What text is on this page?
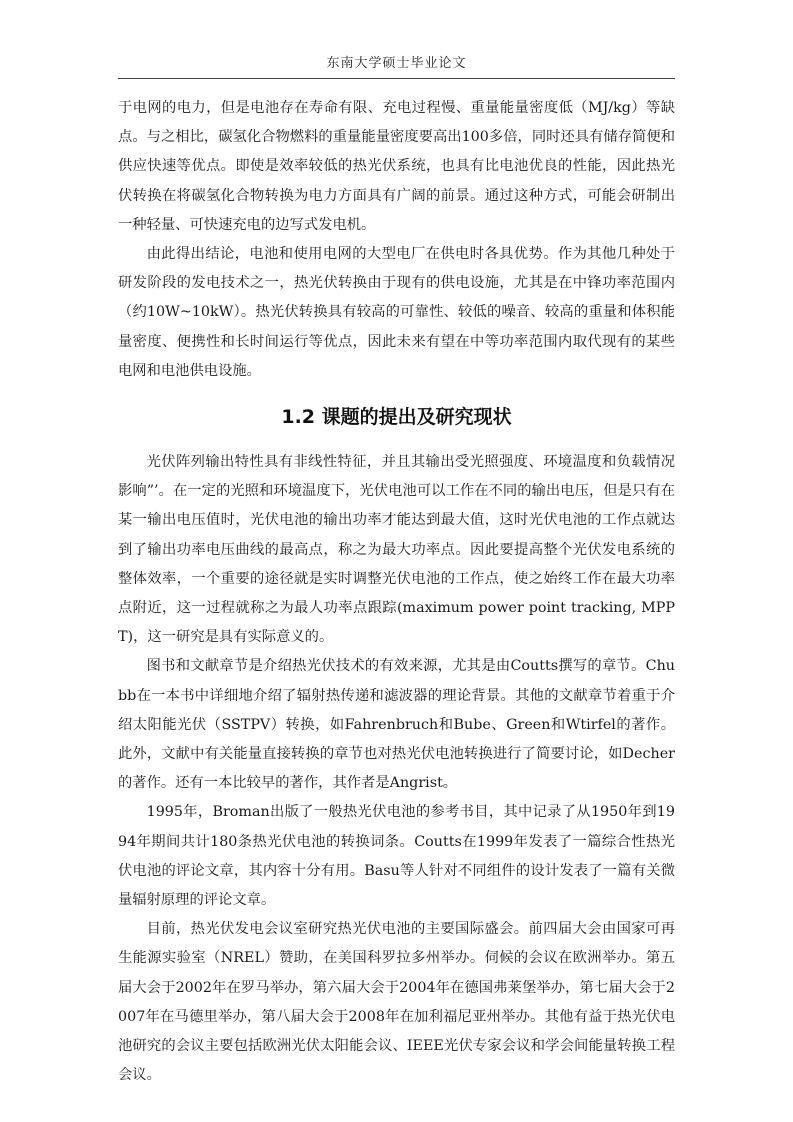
东南大学硕士毕业论文

于电网的电力，但是电池存在寿命有限、充电过程慢、重量能量密度低（MJ/kg）等缺点。与之相比，碳氢化合物燃料的重量能量密度要高出100多倍，同时还具有储存简便和供应快速等优点。即使是效率较低的热光伏系统，也具有比电池优良的性能，因此热光伏转换在将碳氢化合物转换为电力方面具有广阔的前景。通过这种方式，可能会研制出一种轻量、可快速充电的边写式发电机。

由此得出结论，电池和使用电网的大型电厂在供电时各具优势。作为其他几种处于研发阶段的发电技术之一，热光伏转换由于现有的供电设施，尤其是在中锋功率范围内（约10W~10kW）。热光伏转换具有较高的可靠性、较低的噪音、较高的重量和体积能量密度、便携性和长时间运行等优点，因此未来有望在中等功率范围内取代现有的某些电网和电池供电设施。

1.2 课题的提出及研究现状

光伏阵列输出特性具有非线性特征，并且其输出受光照强度、环境温度和负载情况影响”’。在一定的光照和环境温度下，光伏电池可以工作在不同的输出电压，但是只有在某一输出电压值时，光伏电池的输出功率才能达到最大值，这时光伏电池的工作点就达到了输出功率电压曲线的最高点，称之为最大功率点。因此要提高整个光伏发电系统的整体效率，一个重要的途径就是实时调整光伏电池的工作点，使之始终工作在最大功率点附近，这一过程就称之为最人功率点跟踪(maximum power point tracking, MPPT)，这一研究是具有实际意义的。

图书和文献章节是介绍热光伏技术的有效来源，尤其是由Coutts撰写的章节。Chubb在一本书中详细地介绍了辐射热传递和滤波器的理论背景。其他的文献章节着重于介绍太阳能光伏（SSTPV）转换，如Fahrenbruch和Bube、Green和Wtirfel的著作。此外，文献中有关能量直接转换的章节也对热光伏电池转换进行了简要讨论，如Decher的著作。还有一本比较早的著作，其作者是Angrist。

1995年，Broman出版了一般热光伏电池的参考书目，其中记录了从1950年到1994年期间共计180条热光伏电池的转换词条。Coutts在1999年发表了一篇综合性热光伏电池的评论文章，其内容十分有用。Basu等人针对不同组件的设计发表了一篇有关微量辐射原理的评论文章。

目前，热光伏发电会议室研究热光伏电池的主要国际盛会。前四届大会由国家可再生能源实验室（NREL）赞助，在美国科罗拉多州举办。伺候的会议在欧洲举办。第五届大会于2002年在罗马举办，第六届大会于2004年在德国弗莱堡举办，第七届大会于2007年在马德里举办，第八届大会于2008年在加利福尼亚州举办。其他有益于热光伏电池研究的会议主要包括欧洲光伏太阳能会议、IEEE光伏专家会议和学会间能量转换工程会议。
